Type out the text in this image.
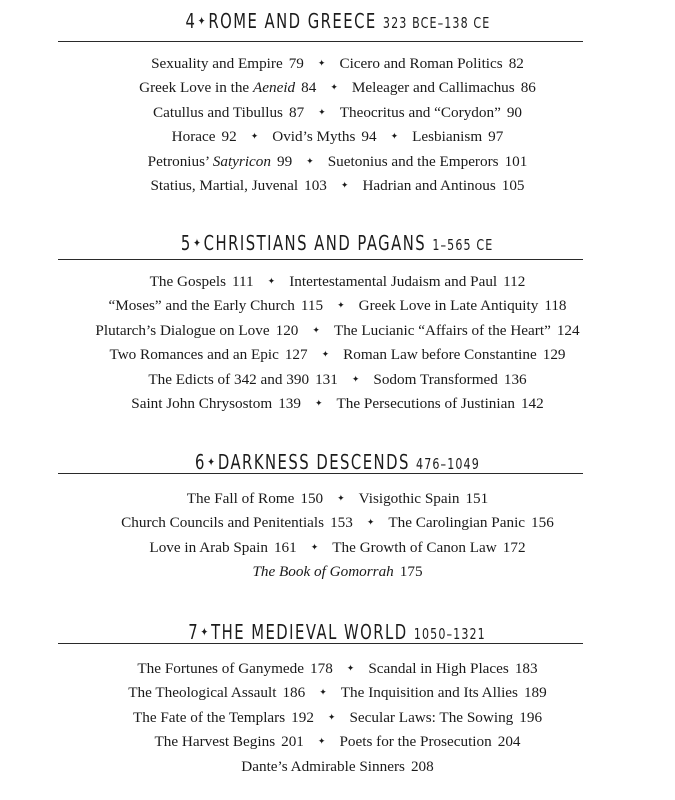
4✦ROME AND GREECE 323 BCE–138 CE
Sexuality and Empire 79 ✦ Cicero and Roman Politics 82
Greek Love in the Aeneid 84 ✦ Meleager and Callimachus 86
Catullus and Tibullus 87 ✦ Theocritus and “Corydon” 90
Horace 92 ✦ Ovid’s Myths 94 ✦ Lesbianism 97
Petronius’ Satyricon 99 ✦ Suetonius and the Emperors 101
Statius, Martial, Juvenal 103 ✦ Hadrian and Antinous 105
5✦CHRISTIANS AND PAGANS 1–565 CE
The Gospels 111 ✦ Intertestamental Judaism and Paul 112
“Moses” and the Early Church 115 ✦ Greek Love in Late Antiquity 118
Plutarch’s Dialogue on Love 120 ✦ The Lucianic “Affairs of the Heart” 124
Two Romances and an Epic 127 ✦ Roman Law before Constantine 129
The Edicts of 342 and 390 131 ✦ Sodom Transformed 136
Saint John Chrysostom 139 ✦ The Persecutions of Justinian 142
6✦DARKNESS DESCENDS 476–1049
The Fall of Rome 150 ✦ Visigothic Spain 151
Church Councils and Penitentials 153 ✦ The Carolingian Panic 156
Love in Arab Spain 161 ✦ The Growth of Canon Law 172
The Book of Gomorrah 175
7✦THE MEDIEVAL WORLD 1050–1321
The Fortunes of Ganymede 178 ✦ Scandal in High Places 183
The Theological Assault 186 ✦ The Inquisition and Its Allies 189
The Fate of the Templars 192 ✦ Secular Laws: The Sowing 196
The Harvest Begins 201 ✦ Poets for the Prosecution 204
Dante’s Admirable Sinners 208
